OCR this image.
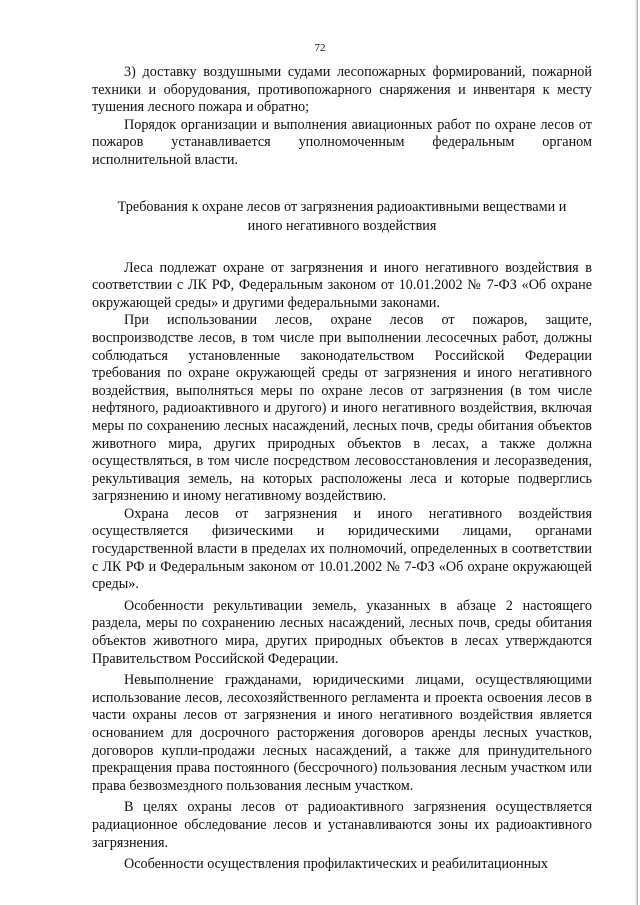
72

3) доставку воздушными судами лесопожарных формирований, пожарной техники и оборудования, противопожарного снаряжения и инвентаря к месту тушения лесного пожара и обратно;

Порядок организации и выполнения авиационных работ по охране лесов от пожаров устанавливается уполномоченным федеральным органом исполнительной власти.

Требования к охране лесов от загрязнения радиоактивными веществами и иного негативного воздействия

Леса подлежат охране от загрязнения и иного негативного воздействия в соответствии с ЛК РФ, Федеральным законом от 10.01.2002 № 7-ФЗ «Об охране окружающей среды» и другими федеральными законами.

При использовании лесов, охране лесов от пожаров, защите, воспроизводстве лесов, в том числе при выполнении лесосечных работ, должны соблюдаться установленные законодательством Российской Федерации требования по охране окружающей среды от загрязнения и иного негативного воздействия, выполняться меры по охране лесов от загрязнения (в том числе нефтяного, радиоактивного и другого) и иного негативного воздействия, включая меры по сохранению лесных насаждений, лесных почв, среды обитания объектов животного мира, других природных объектов в лесах, а также должна осуществляться, в том числе посредством лесовосстановления и лесоразведения, рекультивация земель, на которых расположены леса и которые подверглись загрязнению и иному негативному воздействию.

Охрана лесов от загрязнения и иного негативного воздействия осуществляется физическими и юридическими лицами, органами государственной власти в пределах их полномочий, определенных в соответствии с ЛК РФ и Федеральным законом от 10.01.2002 № 7-ФЗ «Об охране окружающей среды».

Особенности рекультивации земель, указанных в абзаце 2 настоящего раздела, меры по сохранению лесных насаждений, лесных почв, среды обитания объектов животного мира, других природных объектов в лесах утверждаются Правительством Российской Федерации.

Невыполнение гражданами, юридическими лицами, осуществляющими использование лесов, лесохозяйственного регламента и проекта освоения лесов в части охраны лесов от загрязнения и иного негативного воздействия является основанием для досрочного расторжения договоров аренды лесных участков, договоров купли-продажи лесных насаждений, а также для принудительного прекращения права постоянного (бессрочного) пользования лесным участком или права безвозмездного пользования лесным участком.

В целях охраны лесов от радиоактивного загрязнения осуществляется радиационное обследование лесов и устанавливаются зоны их радиоактивного загрязнения.

Особенности осуществления профилактических и реабилитационных
